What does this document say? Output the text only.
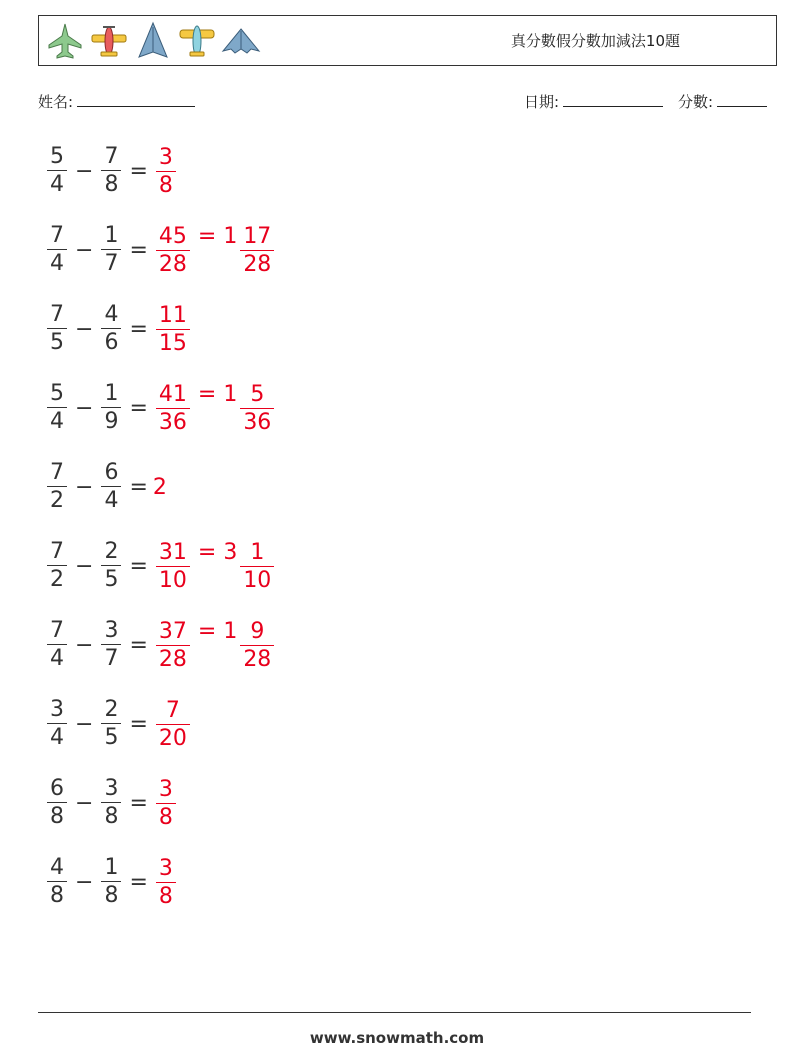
真分數假分數加減法10題
姓名:	日期:	分數:
$\frac{5}{4} - \frac{7}{8} = \frac{3}{8}$
$\frac{7}{4} - \frac{1}{7} = \frac{45}{28} = 1 \frac{17}{28}$
$\frac{7}{5} - \frac{4}{6} = \frac{11}{15}$
$\frac{5}{4} - \frac{1}{9} = \frac{41}{36} = 1 \frac{5}{36}$
$\frac{7}{2} - \frac{6}{4} = 2$
$\frac{7}{2} - \frac{2}{5} = \frac{31}{10} = 3 \frac{1}{10}$
$\frac{7}{4} - \frac{3}{7} = \frac{37}{28} = 1 \frac{9}{28}$
$\frac{3}{4} - \frac{2}{5} = \frac{7}{20}$
$\frac{6}{8} - \frac{3}{8} = \frac{3}{8}$
$\frac{4}{8} - \frac{1}{8} = \frac{3}{8}$
www.snowmath.com
